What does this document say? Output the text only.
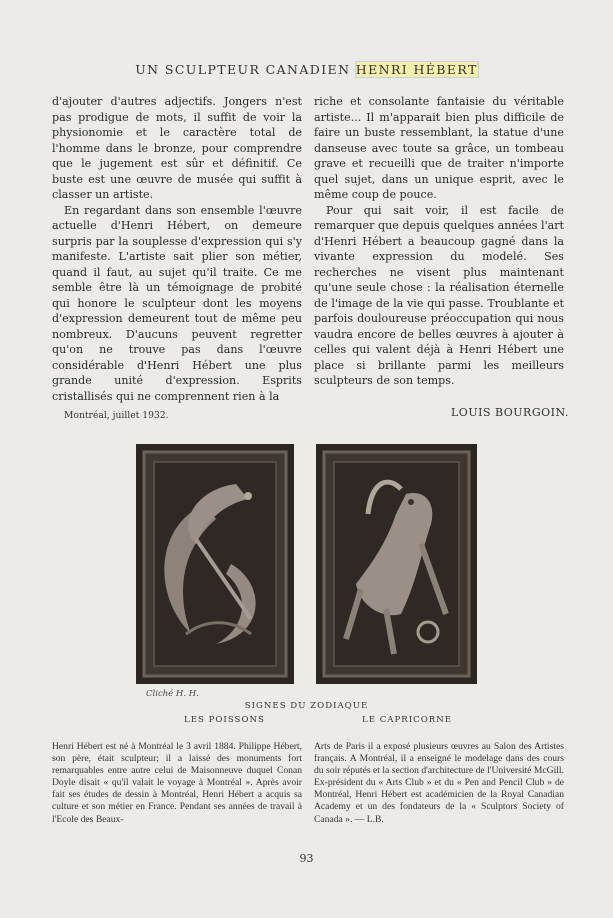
UN SCULPTEUR CANADIEN HENRI HÉBERT

d'ajouter d'autres adjectifs. Jongers n'est pas prodigue de mots, il suffit de voir la physionomie et le caractère total de l'homme dans le bronze, pour comprendre que le jugement est sûr et définitif. Ce buste est une œuvre de musée qui suffit à classer un artiste.

En regardant dans son ensemble l'œuvre actuelle d'Henri Hébert, on demeure surpris par la souplesse d'expression qui s'y manifeste. L'artiste sait plier son métier, quand il faut, au sujet qu'il traite. Ce me semble être là un témoignage de probité qui honore le sculpteur dont les moyens d'expression demeurent tout de même peu nombreux. D'aucuns peuvent regretter qu'on ne trouve pas dans l'œuvre considérable d'Henri Hébert une plus grande unité d'expression. Esprits cristallisés qui ne comprennent rien à la

riche et consolante fantaisie du véritable artiste... Il m'apparait bien plus difficile de faire un buste ressemblant, la statue d'une danseuse avec toute sa grâce, un tombeau grave et recueilli que de traiter n'importe quel sujet, dans un unique esprit, avec le même coup de pouce.

Pour qui sait voir, il est facile de remarquer que depuis quelques années l'art d'Henri Hébert a beaucoup gagné dans la vivante expression du modelé. Ses recherches ne visent plus maintenant qu'une seule chose : la réalisation éternelle de l'image de la vie qui passe. Troublante et parfois douloureuse préoccupation qui nous vaudra encore de belles œuvres à ajouter à celles qui valent déjà à Henri Hébert une place si brillante parmi les meilleurs sculpteurs de son temps.

Montréal, juillet 1932.	LOUIS BOURGOIN.
Cliché H. H.
SIGNES DU ZODIAQUE
LES POISSONS	LE CAPRICORNE
Henri Hébert est né à Montréal le 3 avril 1884. Philippe Hébert, son père, était sculpteur; il a laissé des monuments fort remarquables entre autre celui de Maisonneuve duquel Conan Doyle disait « qu'il valait le voyage à Montréal ». Après avoir fait ses études de dessin à Montréal, Henri Hébert a acquis sa culture et son métier en France. Pendant ses années de travail à l'Ecole des Beaux-
Arts de Paris il a exposé plusieurs œuvres au Salon des Artistes français. A Montréal, il a enseigné le modelage dans des cours du soir réputés et la section d'architecture de l'Université McGill. Ex-président du « Arts Club » et du « Pen and Pencil Club » de Montréal, Henri Hébert est académicien de la Royal Canadian Academy et un des fondateurs de la « Sculptors Society of Canada ». — L.B.
93
